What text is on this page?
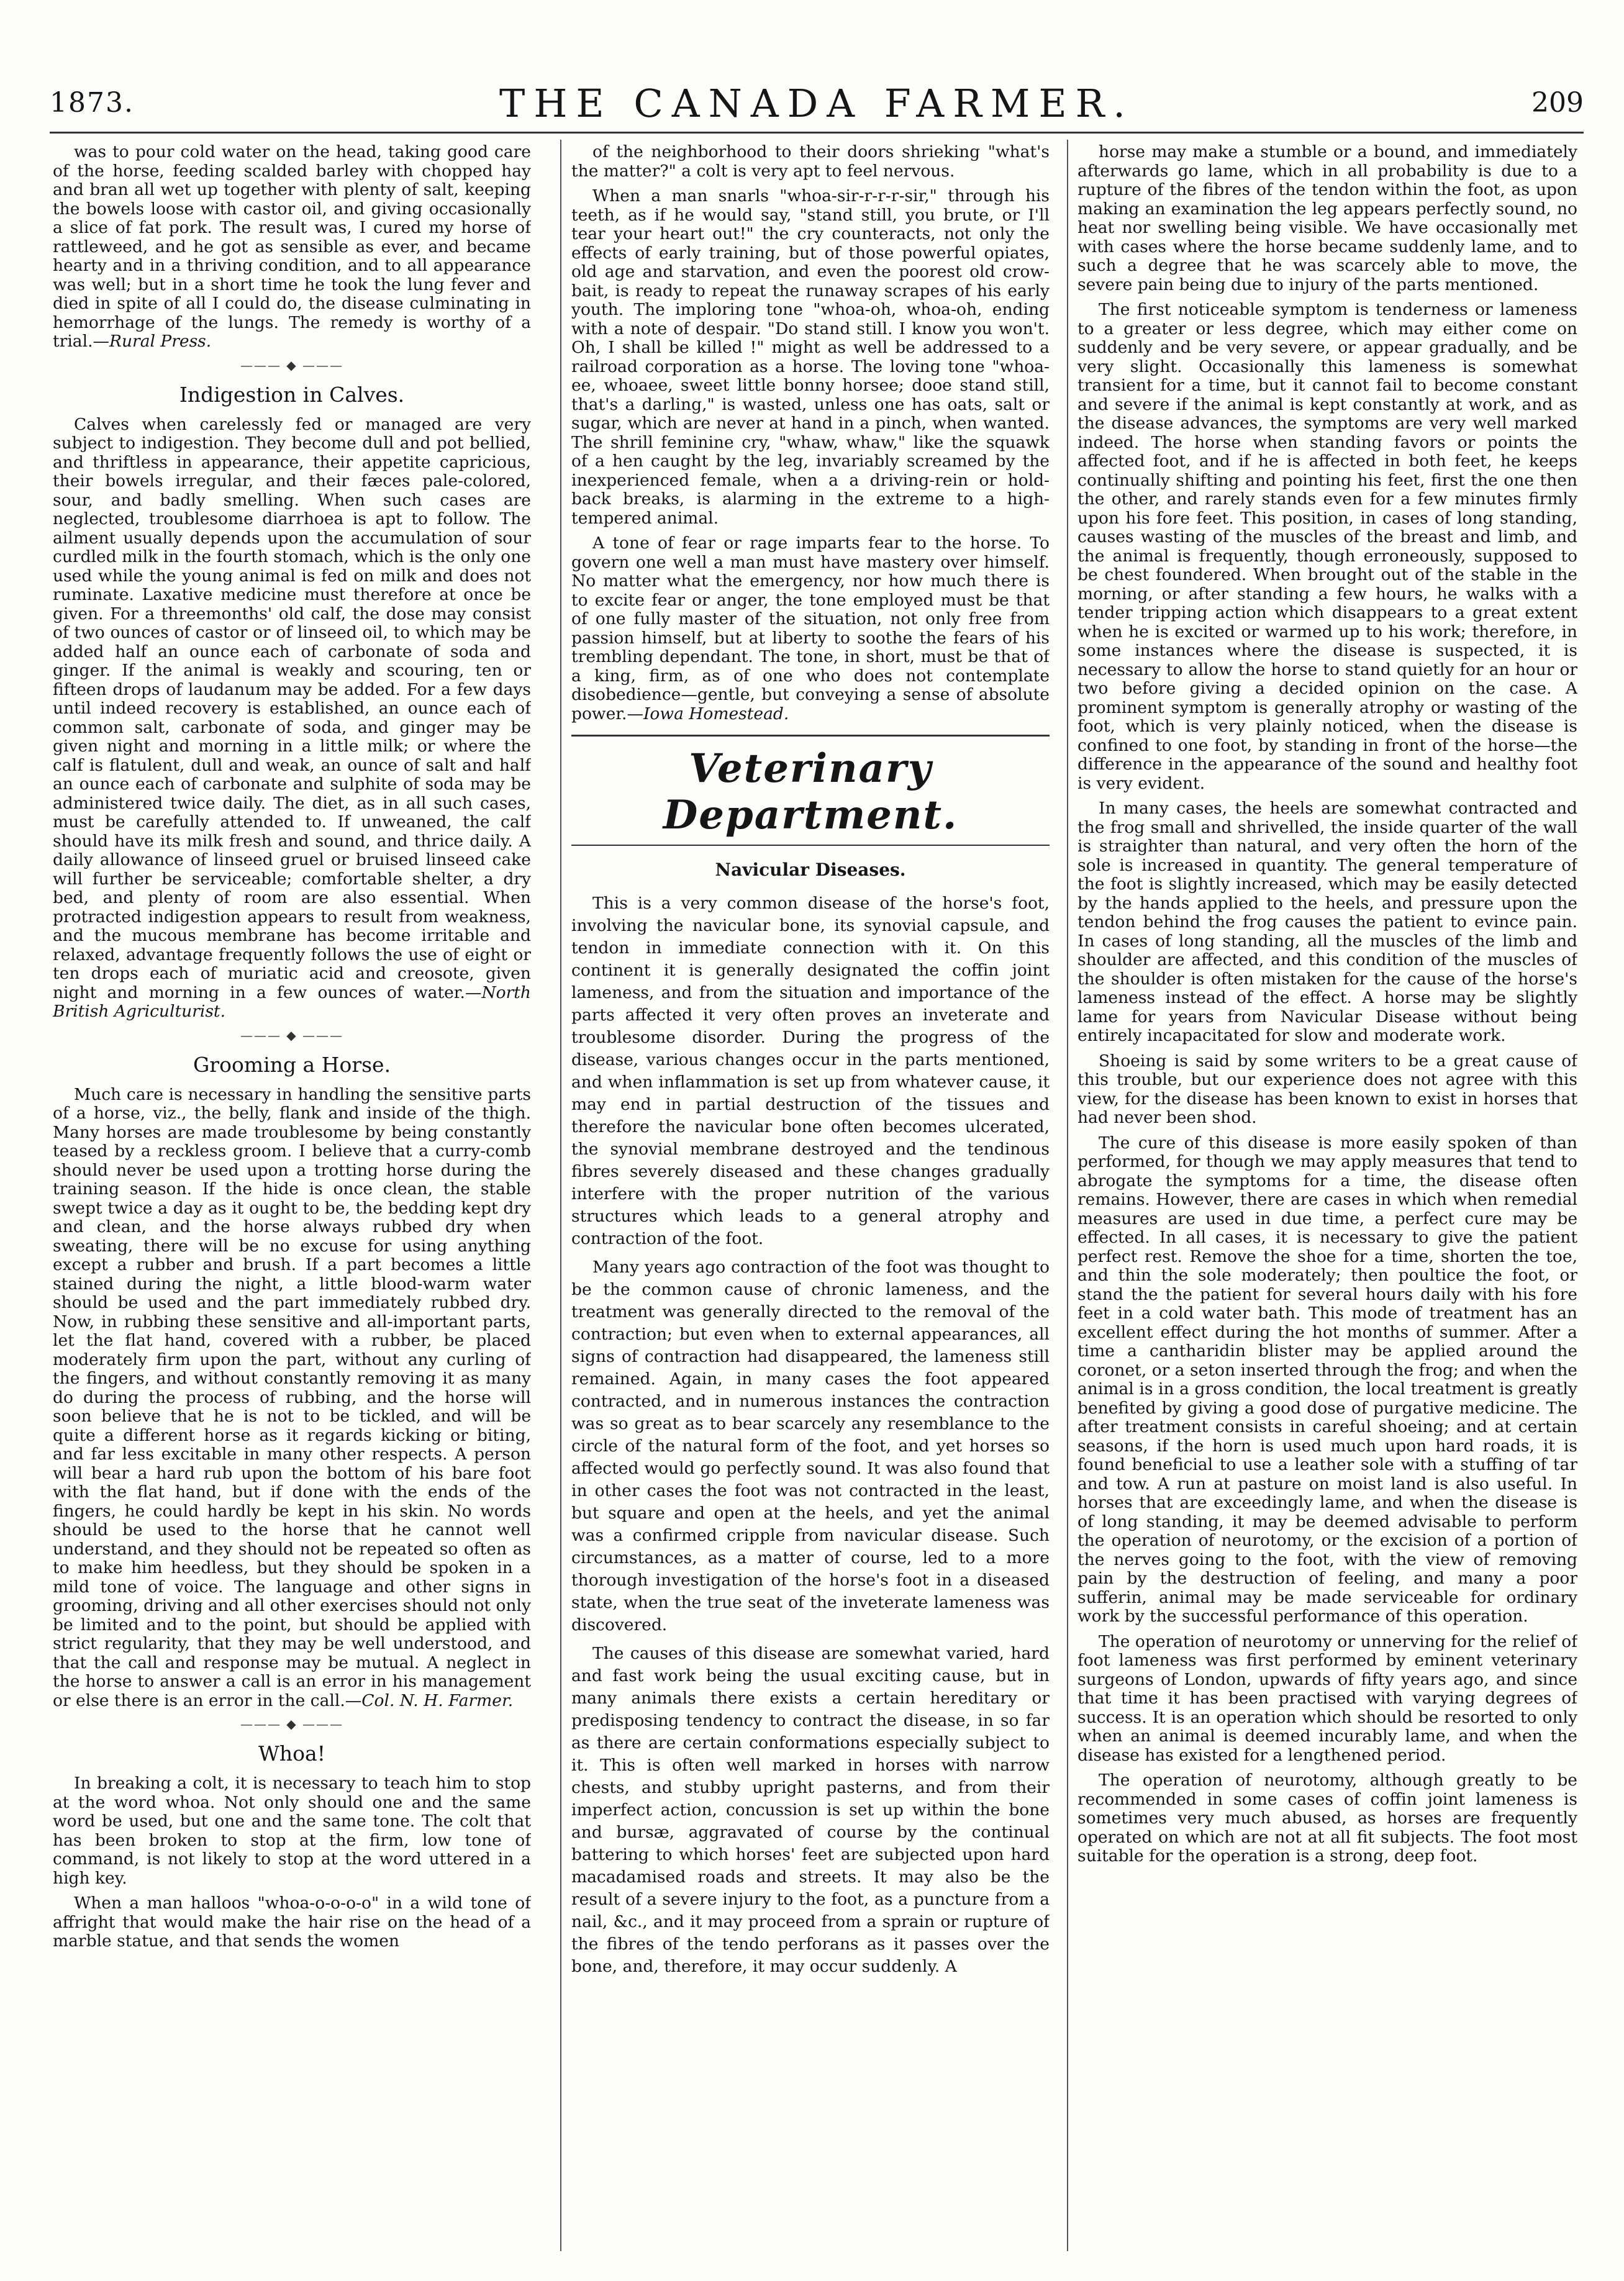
1873.	THE CANADA FARMER.	209

was to pour cold water on the head, taking good care of the horse, feeding scalded barley with chopped hay and bran all wet up together with plenty of salt, keeping the bowels loose with castor oil, and giving occasionally a slice of fat pork. The result was, I cured my horse of rattleweed, and he got as sensible as ever, and became hearty and in a thriving condition, and to all appearance was well; but in a short time he took the lung fever and died in spite of all I could do, the disease culminating in hemorrhage of the lungs. The remedy is worthy of a trial.—Rural Press.

——— ◆ ———
Indigestion in Calves.

Calves when carelessly fed or managed are very subject to indigestion. They become dull and pot bellied, and thriftless in appearance, their appetite capricious, their bowels irregular, and their fæces pale-colored, sour, and badly smelling. When such cases are neglected, troublesome diarrhoea is apt to follow. The ailment usually depends upon the accumulation of sour curdled milk in the fourth stomach, which is the only one used while the young animal is fed on milk and does not ruminate. Laxative medicine must therefore at once be given. For a threemonths' old calf, the dose may consist of two ounces of castor or of linseed oil, to which may be added half an ounce each of carbonate of soda and ginger. If the animal is weakly and scouring, ten or fifteen drops of laudanum may be added. For a few days until indeed recovery is established, an ounce each of common salt, carbonate of soda, and ginger may be given night and morning in a little milk; or where the calf is flatulent, dull and weak, an ounce of salt and half an ounce each of carbonate and sulphite of soda may be administered twice daily. The diet, as in all such cases, must be carefully attended to. If unweaned, the calf should have its milk fresh and sound, and thrice daily. A daily allowance of linseed gruel or bruised linseed cake will further be serviceable; comfortable shelter, a dry bed, and plenty of room are also essential. When protracted indigestion appears to result from weakness, and the mucous membrane has become irritable and relaxed, advantage frequently follows the use of eight or ten drops each of muriatic acid and creosote, given night and morning in a few ounces of water.—North British Agriculturist.

——— ◆ ———
Grooming a Horse.

Much care is necessary in handling the sensitive parts of a horse, viz., the belly, flank and inside of the thigh. Many horses are made troublesome by being constantly teased by a reckless groom. I believe that a curry-comb should never be used upon a trotting horse during the training season. If the hide is once clean, the stable swept twice a day as it ought to be, the bedding kept dry and clean, and the horse always rubbed dry when sweating, there will be no excuse for using anything except a rubber and brush. If a part becomes a little stained during the night, a little blood-warm water should be used and the part immediately rubbed dry. Now, in rubbing these sensitive and all-important parts, let the flat hand, covered with a rubber, be placed moderately firm upon the part, without any curling of the fingers, and without constantly removing it as many do during the process of rubbing, and the horse will soon believe that he is not to be tickled, and will be quite a different horse as it regards kicking or biting, and far less excitable in many other respects. A person will bear a hard rub upon the bottom of his bare foot with the flat hand, but if done with the ends of the fingers, he could hardly be kept in his skin. No words should be used to the horse that he cannot well understand, and they should not be repeated so often as to make him heedless, but they should be spoken in a mild tone of voice. The language and other signs in grooming, driving and all other exercises should not only be limited and to the point, but should be applied with strict regularity, that they may be well understood, and that the call and response may be mutual. A neglect in the horse to answer a call is an error in his management or else there is an error in the call.—Col. N. H. Farmer.

——— ◆ ———
Whoa!

In breaking a colt, it is necessary to teach him to stop at the word whoa. Not only should one and the same word be used, but one and the same tone. The colt that has been broken to stop at the firm, low tone of command, is not likely to stop at the word uttered in a high key.

When a man halloos "whoa-o-o-o-o" in a wild tone of affright that would make the hair rise on the head of a marble statue, and that sends the women

of the neighborhood to their doors shrieking "what's the matter?" a colt is very apt to feel nervous.

When a man snarls "whoa-sir-r-r-r-sir," through his teeth, as if he would say, "stand still, you brute, or I'll tear your heart out!" the cry counteracts, not only the effects of early training, but of those powerful opiates, old age and starvation, and even the poorest old crow-bait, is ready to repeat the runaway scrapes of his early youth. The imploring tone "whoa-oh, whoa-oh, ending with a note of despair. "Do stand still. I know you won't. Oh, I shall be killed !" might as well be addressed to a railroad corporation as a horse. The loving tone "whoa-ee, whoaee, sweet little bonny horsee; dooe stand still, that's a darling," is wasted, unless one has oats, salt or sugar, which are never at hand in a pinch, when wanted. The shrill feminine cry, "whaw, whaw," like the squawk of a hen caught by the leg, invariably screamed by the inexperienced female, when a a driving-rein or hold-back breaks, is alarming in the extreme to a high-tempered animal.

A tone of fear or rage imparts fear to the horse. To govern one well a man must have mastery over himself. No matter what the emergency, nor how much there is to excite fear or anger, the tone employed must be that of one fully master of the situation, not only free from passion himself, but at liberty to soothe the fears of his trembling dependant. The tone, in short, must be that of a king, firm, as of one who does not contemplate disobedience—gentle, but conveying a sense of absolute power.—Iowa Homestead.

Veterinary Department.
Navicular Diseases.

This is a very common disease of the horse's foot, involving the navicular bone, its synovial capsule, and tendon in immediate connection with it. On this continent it is generally designated the coffin joint lameness, and from the situation and importance of the parts affected it very often proves an inveterate and troublesome disorder. During the progress of the disease, various changes occur in the parts mentioned, and when inflammation is set up from whatever cause, it may end in partial destruction of the tissues and therefore the navicular bone often becomes ulcerated, the synovial membrane destroyed and the tendinous fibres severely diseased and these changes gradually interfere with the proper nutrition of the various structures which leads to a general atrophy and contraction of the foot.

Many years ago contraction of the foot was thought to be the common cause of chronic lameness, and the treatment was generally directed to the removal of the contraction; but even when to external appearances, all signs of contraction had disappeared, the lameness still remained. Again, in many cases the foot appeared contracted, and in numerous instances the contraction was so great as to bear scarcely any resemblance to the circle of the natural form of the foot, and yet horses so affected would go perfectly sound. It was also found that in other cases the foot was not contracted in the least, but square and open at the heels, and yet the animal was a confirmed cripple from navicular disease. Such circumstances, as a matter of course, led to a more thorough investigation of the horse's foot in a diseased state, when the true seat of the inveterate lameness was discovered.

The causes of this disease are somewhat varied, hard and fast work being the usual exciting cause, but in many animals there exists a certain hereditary or predisposing tendency to contract the disease, in so far as there are certain conformations especially subject to it. This is often well marked in horses with narrow chests, and stubby upright pasterns, and from their imperfect action, concussion is set up within the bone and bursæ, aggravated of course by the continual battering to which horses' feet are subjected upon hard macadamised roads and streets. It may also be the result of a severe injury to the foot, as a puncture from a nail, &c., and it may proceed from a sprain or rupture of the fibres of the tendo perforans as it passes over the bone, and, therefore, it may occur suddenly. A

horse may make a stumble or a bound, and immediately afterwards go lame, which in all probability is due to a rupture of the fibres of the tendon within the foot, as upon making an examination the leg appears perfectly sound, no heat nor swelling being visible. We have occasionally met with cases where the horse became suddenly lame, and to such a degree that he was scarcely able to move, the severe pain being due to injury of the parts mentioned.

The first noticeable symptom is tenderness or lameness to a greater or less degree, which may either come on suddenly and be very severe, or appear gradually, and be very slight. Occasionally this lameness is somewhat transient for a time, but it cannot fail to become constant and severe if the animal is kept constantly at work, and as the disease advances, the symptoms are very well marked indeed. The horse when standing favors or points the affected foot, and if he is affected in both feet, he keeps continually shifting and pointing his feet, first the one then the other, and rarely stands even for a few minutes firmly upon his fore feet. This position, in cases of long standing, causes wasting of the muscles of the breast and limb, and the animal is frequently, though erroneously, supposed to be chest foundered. When brought out of the stable in the morning, or after standing a few hours, he walks with a tender tripping action which disappears to a great extent when he is excited or warmed up to his work; therefore, in some instances where the disease is suspected, it is necessary to allow the horse to stand quietly for an hour or two before giving a decided opinion on the case. A prominent symptom is generally atrophy or wasting of the foot, which is very plainly noticed, when the disease is confined to one foot, by standing in front of the horse—the difference in the appearance of the sound and healthy foot is very evident.

In many cases, the heels are somewhat contracted and the frog small and shrivelled, the inside quarter of the wall is straighter than natural, and very often the horn of the sole is increased in quantity. The general temperature of the foot is slightly increased, which may be easily detected by the hands applied to the heels, and pressure upon the tendon behind the frog causes the patient to evince pain. In cases of long standing, all the muscles of the limb and shoulder are affected, and this condition of the muscles of the shoulder is often mistaken for the cause of the horse's lameness instead of the effect. A horse may be slightly lame for years from Navicular Disease without being entirely incapacitated for slow and moderate work.

Shoeing is said by some writers to be a great cause of this trouble, but our experience does not agree with this view, for the disease has been known to exist in horses that had never been shod.

The cure of this disease is more easily spoken of than performed, for though we may apply measures that tend to abrogate the symptoms for a time, the disease often remains. However, there are cases in which when remedial measures are used in due time, a perfect cure may be effected. In all cases, it is necessary to give the patient perfect rest. Remove the shoe for a time, shorten the toe, and thin the sole moderately; then poultice the foot, or stand the the patient for several hours daily with his fore feet in a cold water bath. This mode of treatment has an excellent effect during the hot months of summer. After a time a cantharidin blister may be applied around the coronet, or a seton inserted through the frog; and when the animal is in a gross condition, the local treatment is greatly benefited by giving a good dose of purgative medicine. The after treatment consists in careful shoeing; and at certain seasons, if the horn is used much upon hard roads, it is found beneficial to use a leather sole with a stuffing of tar and tow. A run at pasture on moist land is also useful. In horses that are exceedingly lame, and when the disease is of long standing, it may be deemed advisable to perform the operation of neurotomy, or the excision of a portion of the nerves going to the foot, with the view of removing pain by the destruction of feeling, and many a poor sufferin, animal may be made serviceable for ordinary work by the successful performance of this operation.

The operation of neurotomy or unnerving for the relief of foot lameness was first performed by eminent veterinary surgeons of London, upwards of fifty years ago, and since that time it has been practised with varying degrees of success. It is an operation which should be resorted to only when an animal is deemed incurably lame, and when the disease has existed for a lengthened period.

The operation of neurotomy, although greatly to be recommended in some cases of coffin joint lameness is sometimes very much abused, as horses are frequently operated on which are not at all fit subjects. The foot most suitable for the operation is a strong, deep foot.
